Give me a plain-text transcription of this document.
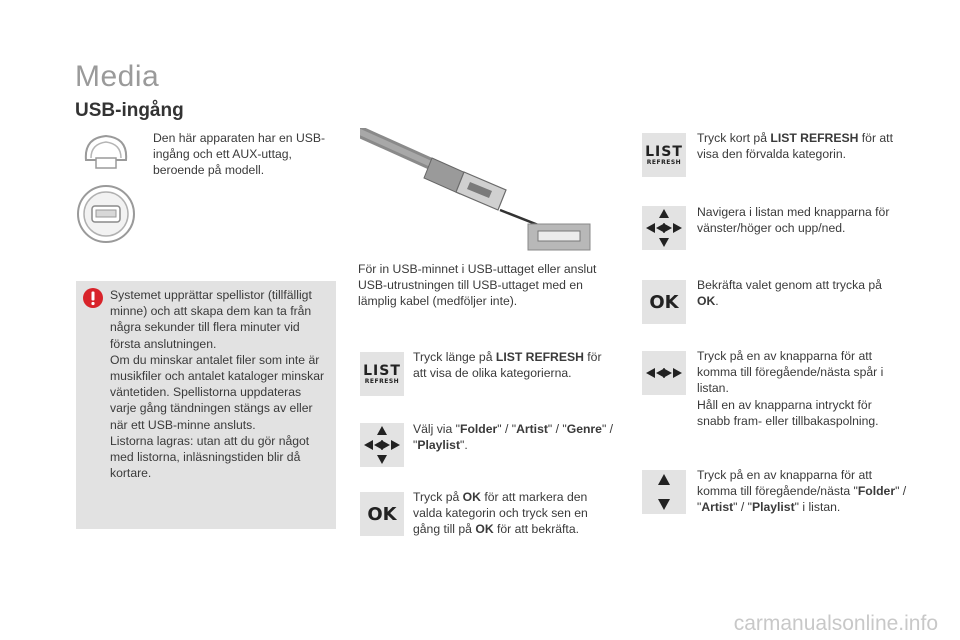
Media
USB-ingång
Den här apparaten har en USB-ingång och ett AUX-uttag, beroende på modell.
Systemet upprättar spellistor (tillfälligt minne) och att skapa dem kan ta från några sekunder till flera minuter vid första anslutningen.
Om du minskar antalet filer som inte är musikfiler och antalet kataloger minskar väntetiden. Spellistorna uppdateras varje gång tändningen stängs av eller när ett USB-minne ansluts.
Listorna lagras: utan att du gör något med listorna, inläsningstiden blir då kortare.
För in USB-minnet i USB-uttaget eller anslut USB-utrustningen till USB-uttaget med en lämplig kabel (medföljer inte).
LIST
REFRESH
Tryck länge på LIST REFRESH för att visa de olika kategorierna.
Välj via "Folder" / "Artist" / "Genre" / "Playlist".
OK
Tryck på OK för att markera den valda kategorin och tryck sen en gång till på OK för att bekräfta.
LIST
REFRESH
Tryck kort på LIST REFRESH för att visa den förvalda kategorin.
Navigera i listan med knapparna för vänster/höger och upp/ned.
OK
Bekräfta valet genom att trycka på OK.
Tryck på en av knapparna för att komma till föregående/nästa spår i listan.
Håll en av knapparna intryckt för snabb fram- eller tillbakaspolning.
Tryck på en av knapparna för att komma till föregående/nästa "Folder" / "Artist" / "Playlist" i listan.
carmanualsonline.info
